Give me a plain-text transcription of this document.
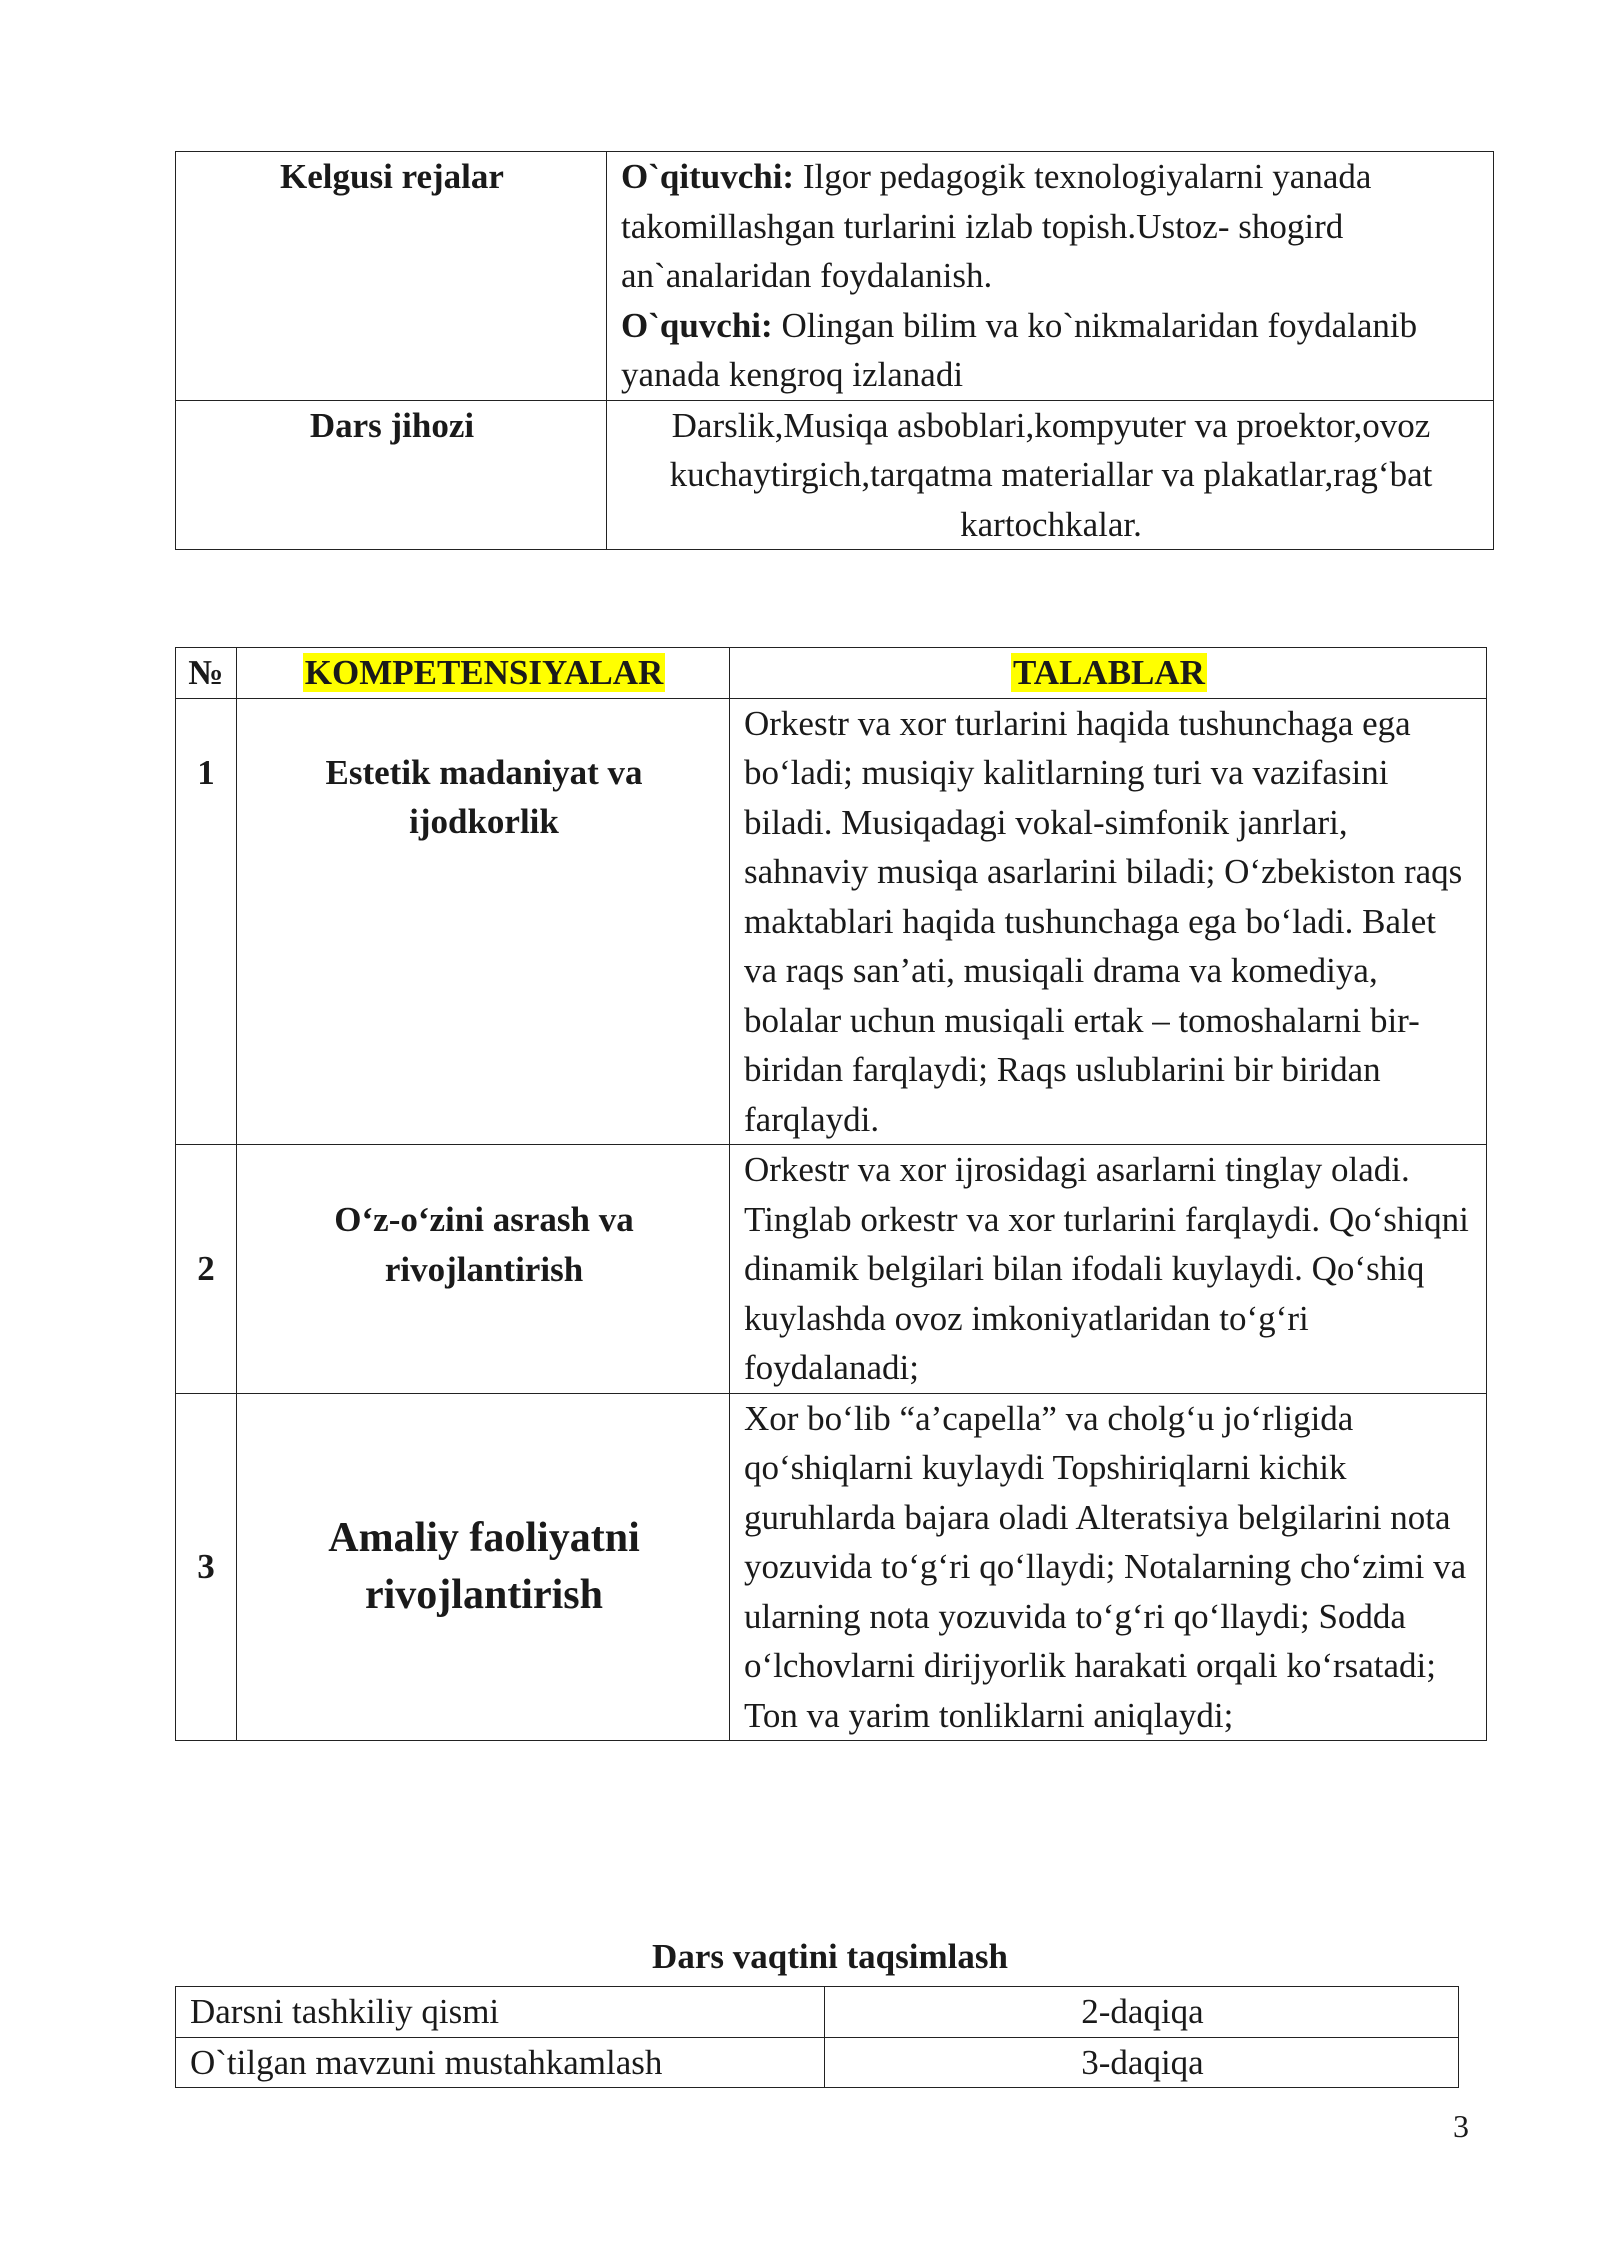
Kelgusi rejalar	O`qituvchi: Ilgor pedagogik texnologiyalarni yanada takomillashgan turlarini izlab topish.Ustoz- shogird an`analaridan foydalanish.
O`quvchi: Olingan bilim va ko`nikmalaridan foydalanib yanada kengroq izlanadi
Dars jihozi	Darslik,Musiqa asboblari,kompyuter va proektor,ovoz kuchaytirgich,tarqatma materiallar va plakatlar,rag‘bat kartochkalar.
№	KOMPETENSIYALAR	TALABLAR
1	Estetik madaniyat va ijodkorlik	Orkestr va xor turlarini haqida tushunchaga ega bo‘ladi; musiqiy kalitlarning turi va vazifasini biladi. Musiqadagi vokal-simfonik janrlari, sahnaviy musiqa asarlarini biladi; O‘zbekiston raqs maktablari haqida tushunchaga ega bo‘ladi. Balet va raqs san’ati, musiqali drama va komediya, bolalar uchun musiqali ertak – tomoshalarni bir-biridan farqlaydi; Raqs uslublarini bir biridan farqlaydi.
2	O‘z-o‘zini asrash va rivojlantirish	Orkestr va xor ijrosidagi asarlarni tinglay oladi. Tinglab orkestr va xor turlarini farqlaydi. Qo‘shiqni dinamik belgilari bilan ifodali kuylaydi. Qo‘shiq kuylashda ovoz imkoniyatlaridan to‘g‘ri foydalanadi;
3	Amaliy faoliyatni rivojlantirish	Xor bo‘lib “a’capella” va cholg‘u jo‘rligida qo‘shiqlarni kuylaydi Topshiriqlarni kichik guruhlarda bajara oladi Alteratsiya belgilarini nota yozuvida to‘g‘ri qo‘llaydi; Notalarning cho‘zimi va ularning nota yozuvida to‘g‘ri qo‘llaydi; Sodda o‘lchovlarni dirijyorlik harakati orqali ko‘rsatadi; Ton va yarim tonliklarni aniqlaydi;
Dars vaqtini taqsimlash
Darsni tashkiliy qismi	2-daqiqa
O`tilgan mavzuni mustahkamlash	3-daqiqa
3
